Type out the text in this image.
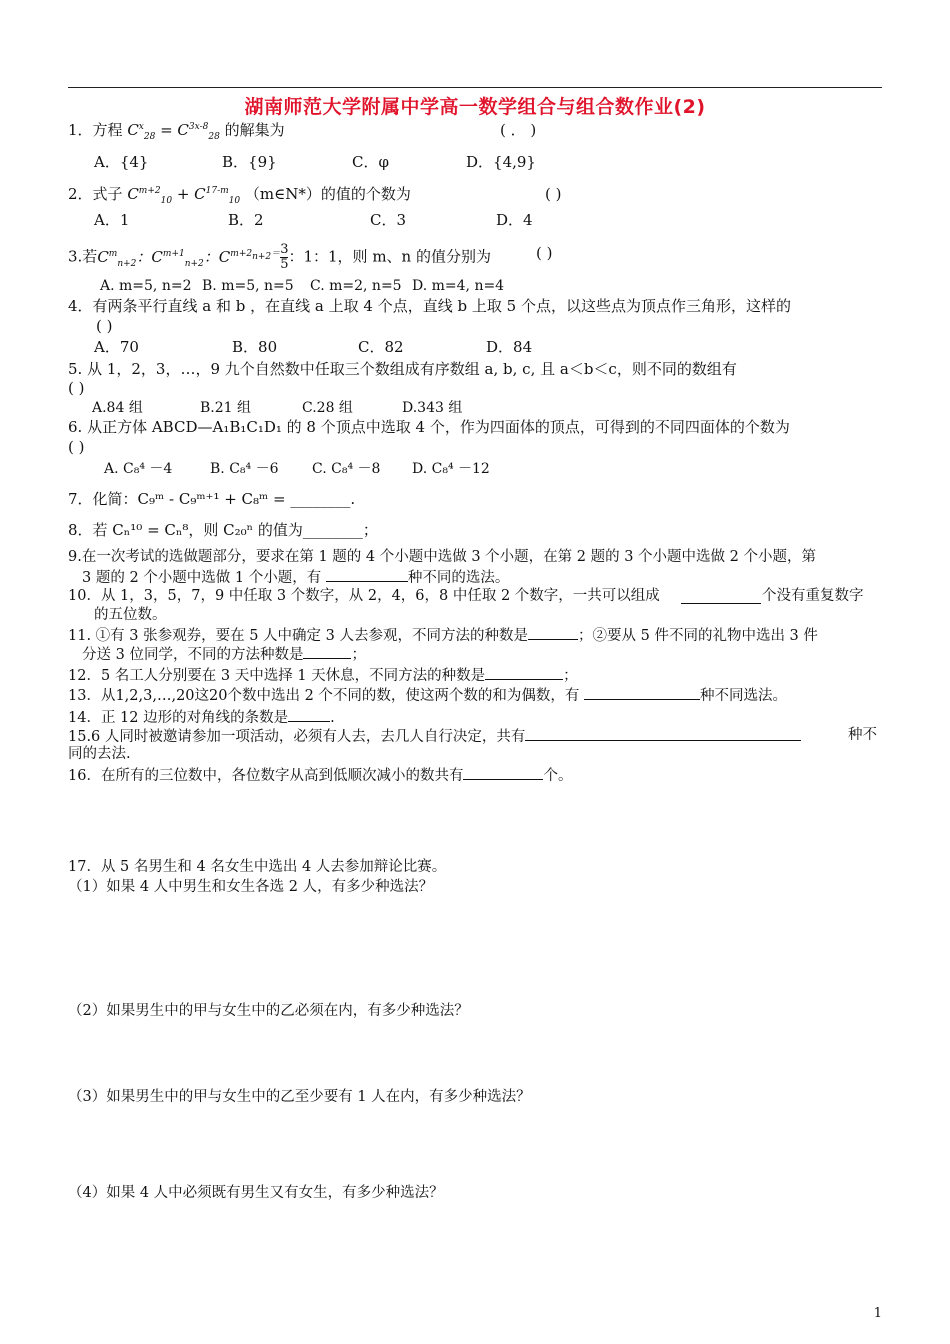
湖南师范大学附属中学高一数学组合与组合数作业(2)
1．方程 $C^x_{28} = C^{3x-8}_{28}$ 的解集为	( ． )
A．{4}	B．{9}	C．φ	D．{4,9}
2．式子 $C^{m+2}_{10} + C^{17-m}_{10}$ （m∈N*）的值的个数为	( )
A．1	B．2	C．3	D．4
3.若$C^m_{n+2}$：$C^{m+1}_{n+2}$：$C^{m+2_{n+2}=} \frac{3}{5}$ ：1：1，则 m、n 的值分别为	( )
A. m=5, n=2 B. m=5, n=5 C. m=2, n=5 D. m=4, n=4
4．有两条平行直线 a 和 b ，在直线 a 上取 4 个点，直线 b 上取 5 个点，以这些点为顶点作三角形，这样的
( )
A．70	B．80	C．82	D．84
5. 从 1，2，3，…，9 九个自然数中任取三个数组成有序数组 a, b, c, 且 a＜b＜c，则不同的数组有
( )
A.84 组	B.21 组	C.28 组	D.343 组
6. 从正方体 ABCD—A₁B₁C₁D₁ 的 8 个顶点中选取 4 个，作为四面体的顶点，可得到的不同四面体的个数为
( )
A. C₈⁴ －4	B. C₈⁴ －6 C. C₈⁴ －8 D. C₈⁴ －12
7．化简：C₉ᵐ - C₉ᵐ⁺¹ + C₈ᵐ = ________.
8．若 Cₙ¹⁰ = Cₙ⁸，则 C₂₀ⁿ 的值为________；
9.在一次考试的选做题部分，要求在第 1 题的 4 个小题中选做 3 个小题，在第 2 题的 3 个小题中选做 2 个小题，第
3 题的 2 个小题中选做 1 个小题，有	种不同的选法。
10．从 1，3，5，7，9 中任取 3 个数字，从 2，4，6，8 中任取 2 个数字，一共可以组成	个没有重复数字
的五位数。
11. ①有 3 张参观券，要在 5 人中确定 3 人去参观，不同方法的种数是	；②要从 5 件不同的礼物中选出 3 件
分送 3 位同学，不同的方法种数是	；
12．5 名工人分别要在 3 天中选择 1 天休息，不同方法的种数是	；
13．从1,2,3,…,20这20个数中选出 2 个不同的数，使这两个数的和为偶数，有	种不同选法。
14．正 12 边形的对角线的条数是	.
15.6 人同时被邀请参加一项活动，必须有人去，去几人自行决定，共有	种不
同的去法.
16．在所有的三位数中，各位数字从高到低顺次减小的数共有	个。
17．从 5 名男生和 4 名女生中选出 4 人去参加辩论比赛。
（1）如果 4 人中男生和女生各选 2 人，有多少种选法？
（2）如果男生中的甲与女生中的乙必须在内，有多少种选法？
（3）如果男生中的甲与女生中的乙至少要有 1 人在内，有多少种选法？
（4）如果 4 人中必须既有男生又有女生，有多少种选法？
1
